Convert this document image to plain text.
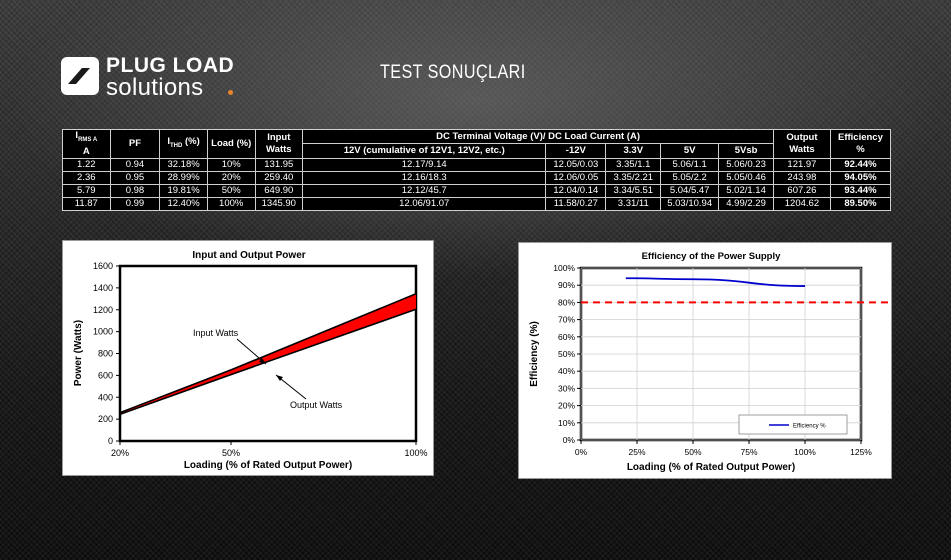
PLUG LOAD
solutions
TEST SONUÇLARI
$I_{RMS A}$
A	PF	$I_{THD}$ (%)	Load (%)	Input Watts	DC Terminal Voltage (V)/ DC Load Current (A)					Output Watts	Efficiency %
					12V (cumulative of 12V1, 12V2, etc.)	-12V	3.3V	5V	5Vsb		
1.22	0.94	32.18%	10%	131.95	12.17/9.14	12.05/0.03	3.35/1.1	5.06/1.1	5.06/0.23	121.97	92.44%
2.36	0.95	28.99%	20%	259.40	12.16/18.3	12.06/0.05	3.35/2.21	5.05/2.2	5.05/0.46	243.98	94.05%
5.79	0.98	19.81%	50%	649.90	12.12/45.7	12.04/0.14	3.34/5.51	5.04/5.47	5.02/1.14	607.26	93.44%
11.87	0.99	12.40%	100%	1345.90	12.06/91.07	11.58/0.27	3.31/11	5.03/10.94	4.99/2.29	1204.62	89.50%
Input and Output Power
0
200
400
600
800
1000
1200
1400
1600
20%	50%	100%
Power (Watts)
Loading (% of Rated Output Power)
Input Watts
Output Watts
Efficiency of the Power Supply
0%
10%
20%
30%
40%
50%
60%
70%
80%
90%
100%
0%	25%	50%	75%	100%	125%
Efficiency %
Efficiency (%)
Loading (% of Rated Output Power)
